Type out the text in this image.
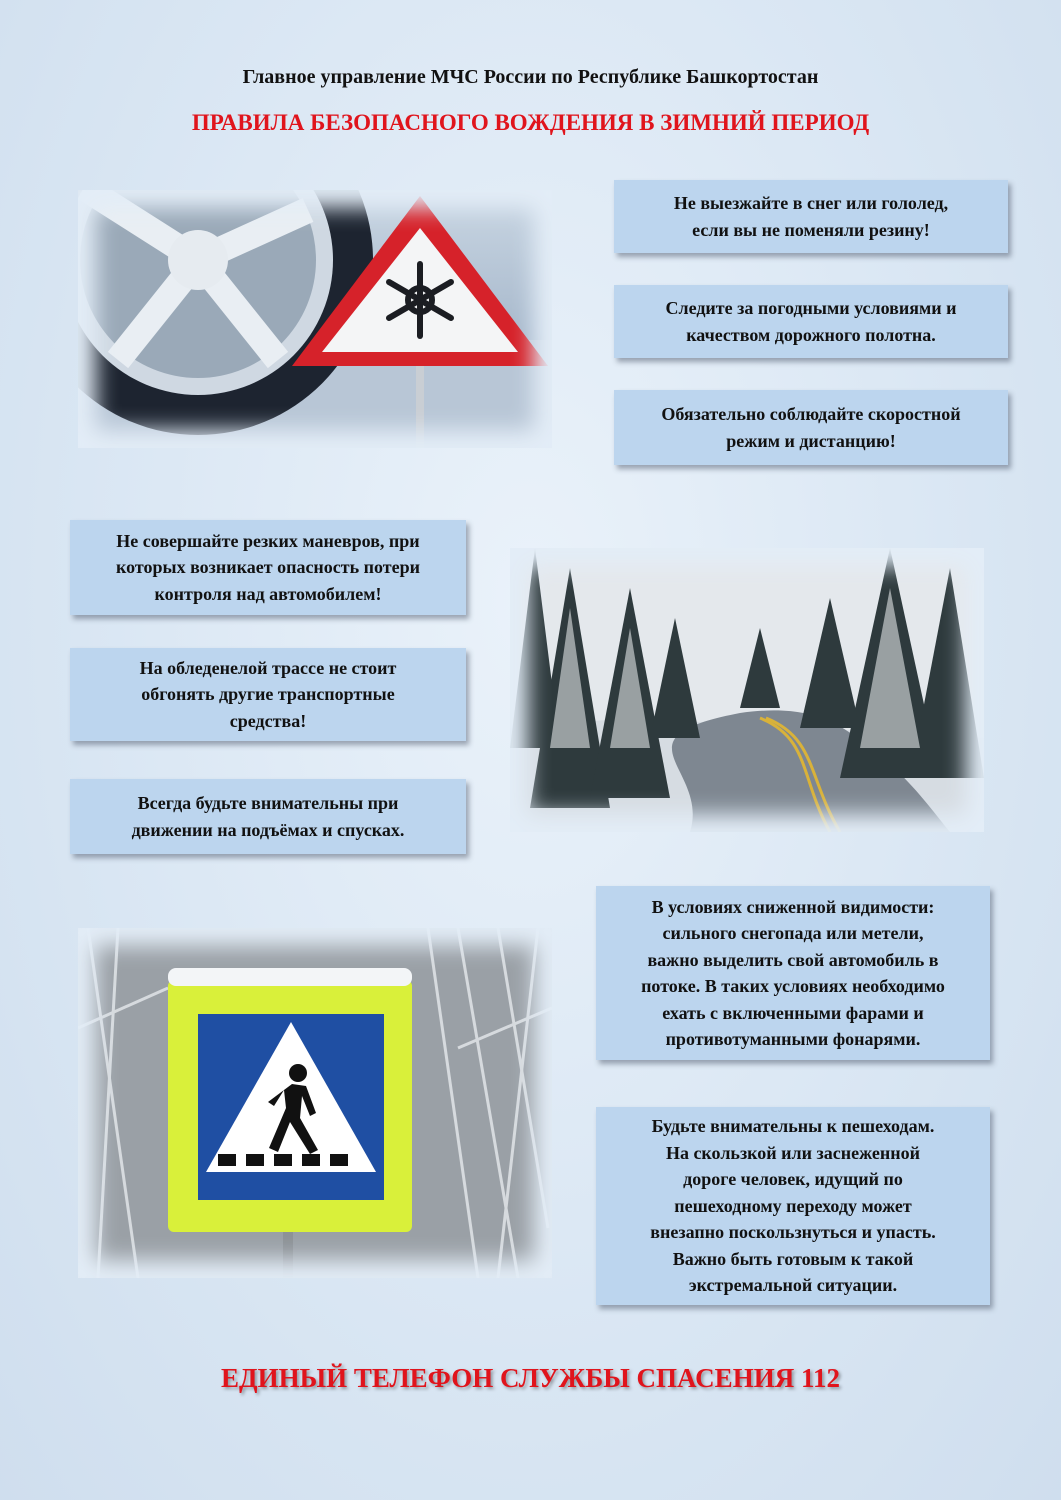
Главное управление МЧС России по Республике Башкортостан
ПРАВИЛА БЕЗОПАСНОГО ВОЖДЕНИЯ В ЗИМНИЙ ПЕРИОД
Не выезжайте в снег или гололед,
если вы не поменяли резину!
Следите за погодными условиями и
качеством дорожного полотна.
Обязательно соблюдайте скоростной
режим и дистанцию!
Не совершайте резких маневров, при
которых возникает опасность потери
контроля над автомобилем!
На обледенелой трассе не стоит
обгонять другие транспортные
средства!
Всегда будьте внимательны при
движении на подъёмах и спусках.
В условиях сниженной видимости:
сильного снегопада или метели,
важно выделить свой автомобиль в
потоке. В таких условиях необходимо
ехать с включенными фарами и
противотуманными фонарями.
Будьте внимательны к пешеходам.
На скользкой или заснеженной
дороге человек, идущий по
пешеходному переходу может
внезапно поскользнуться и упасть.
Важно быть готовым к такой
экстремальной ситуации.
ЕДИНЫЙ ТЕЛЕФОН СЛУЖБЫ СПАСЕНИЯ 112
